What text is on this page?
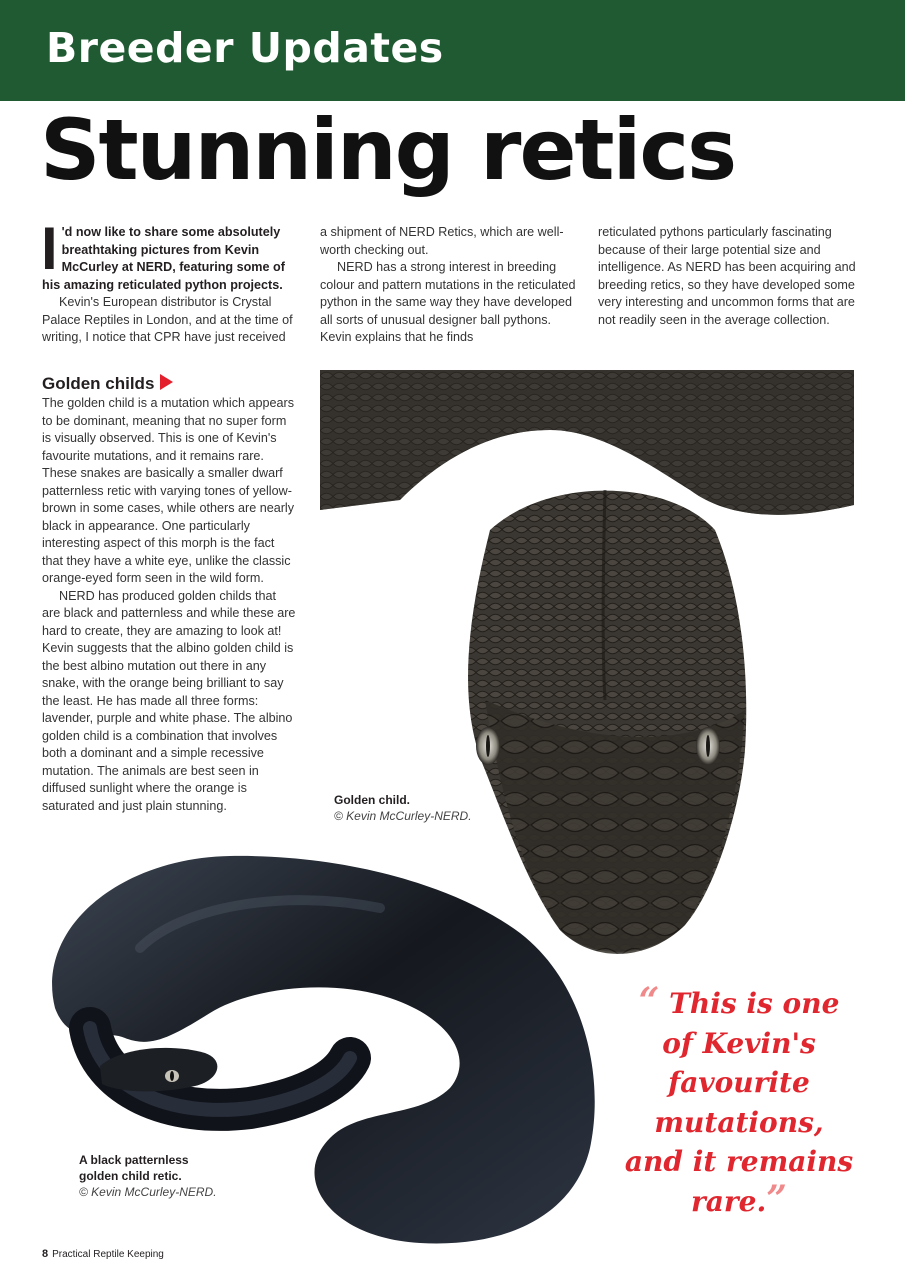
Breeder Updates
Stunning retics

I 'd now like to share some absolutely breathtaking pictures from Kevin McCurley at NERD, featuring some of his amazing reticulated python projects.

Kevin's European distributor is Crystal Palace Reptiles in London, and at the time of writing, I notice that CPR have just received

a shipment of NERD Retics, which are well-worth checking out.

NERD has a strong interest in breeding colour and pattern mutations in the reticulated python in the same way they have developed all sorts of unusual designer ball pythons. Kevin explains that he finds

reticulated pythons particularly fascinating because of their large potential size and intelligence. As NERD has been acquiring and breeding retics, so they have developed some very interesting and uncommon forms that are not readily seen in the average collection.

Golden childs

The golden child is a mutation which appears to be dominant, meaning that no super form is visually observed. This is one of Kevin's favourite mutations, and it remains rare. These snakes are basically a smaller dwarf patternless retic with varying tones of yellow-brown in some cases, while others are nearly black in appearance. One particularly interesting aspect of this morph is the fact that they have a white eye, unlike the classic orange-eyed form seen in the wild form.

NERD has produced golden childs that are black and patternless and while these are hard to create, they are amazing to look at! Kevin suggests that the albino golden child is the best albino mutation out there in any snake, with the orange being brilliant to say the least. He has made all three forms: lavender, purple and white phase. The albino golden child is a combination that involves both a dominant and a simple recessive mutation. The animals are best seen in diffused sunlight where the orange is saturated and just plain stunning.	Golden child.
© Kevin McCurley-NERD.
A black patternless
golden child retic.
© Kevin McCurley-NERD.
“ This is one
of Kevin's
favourite
mutations,
and it remains
rare.”
8 Practical Reptile Keeping
